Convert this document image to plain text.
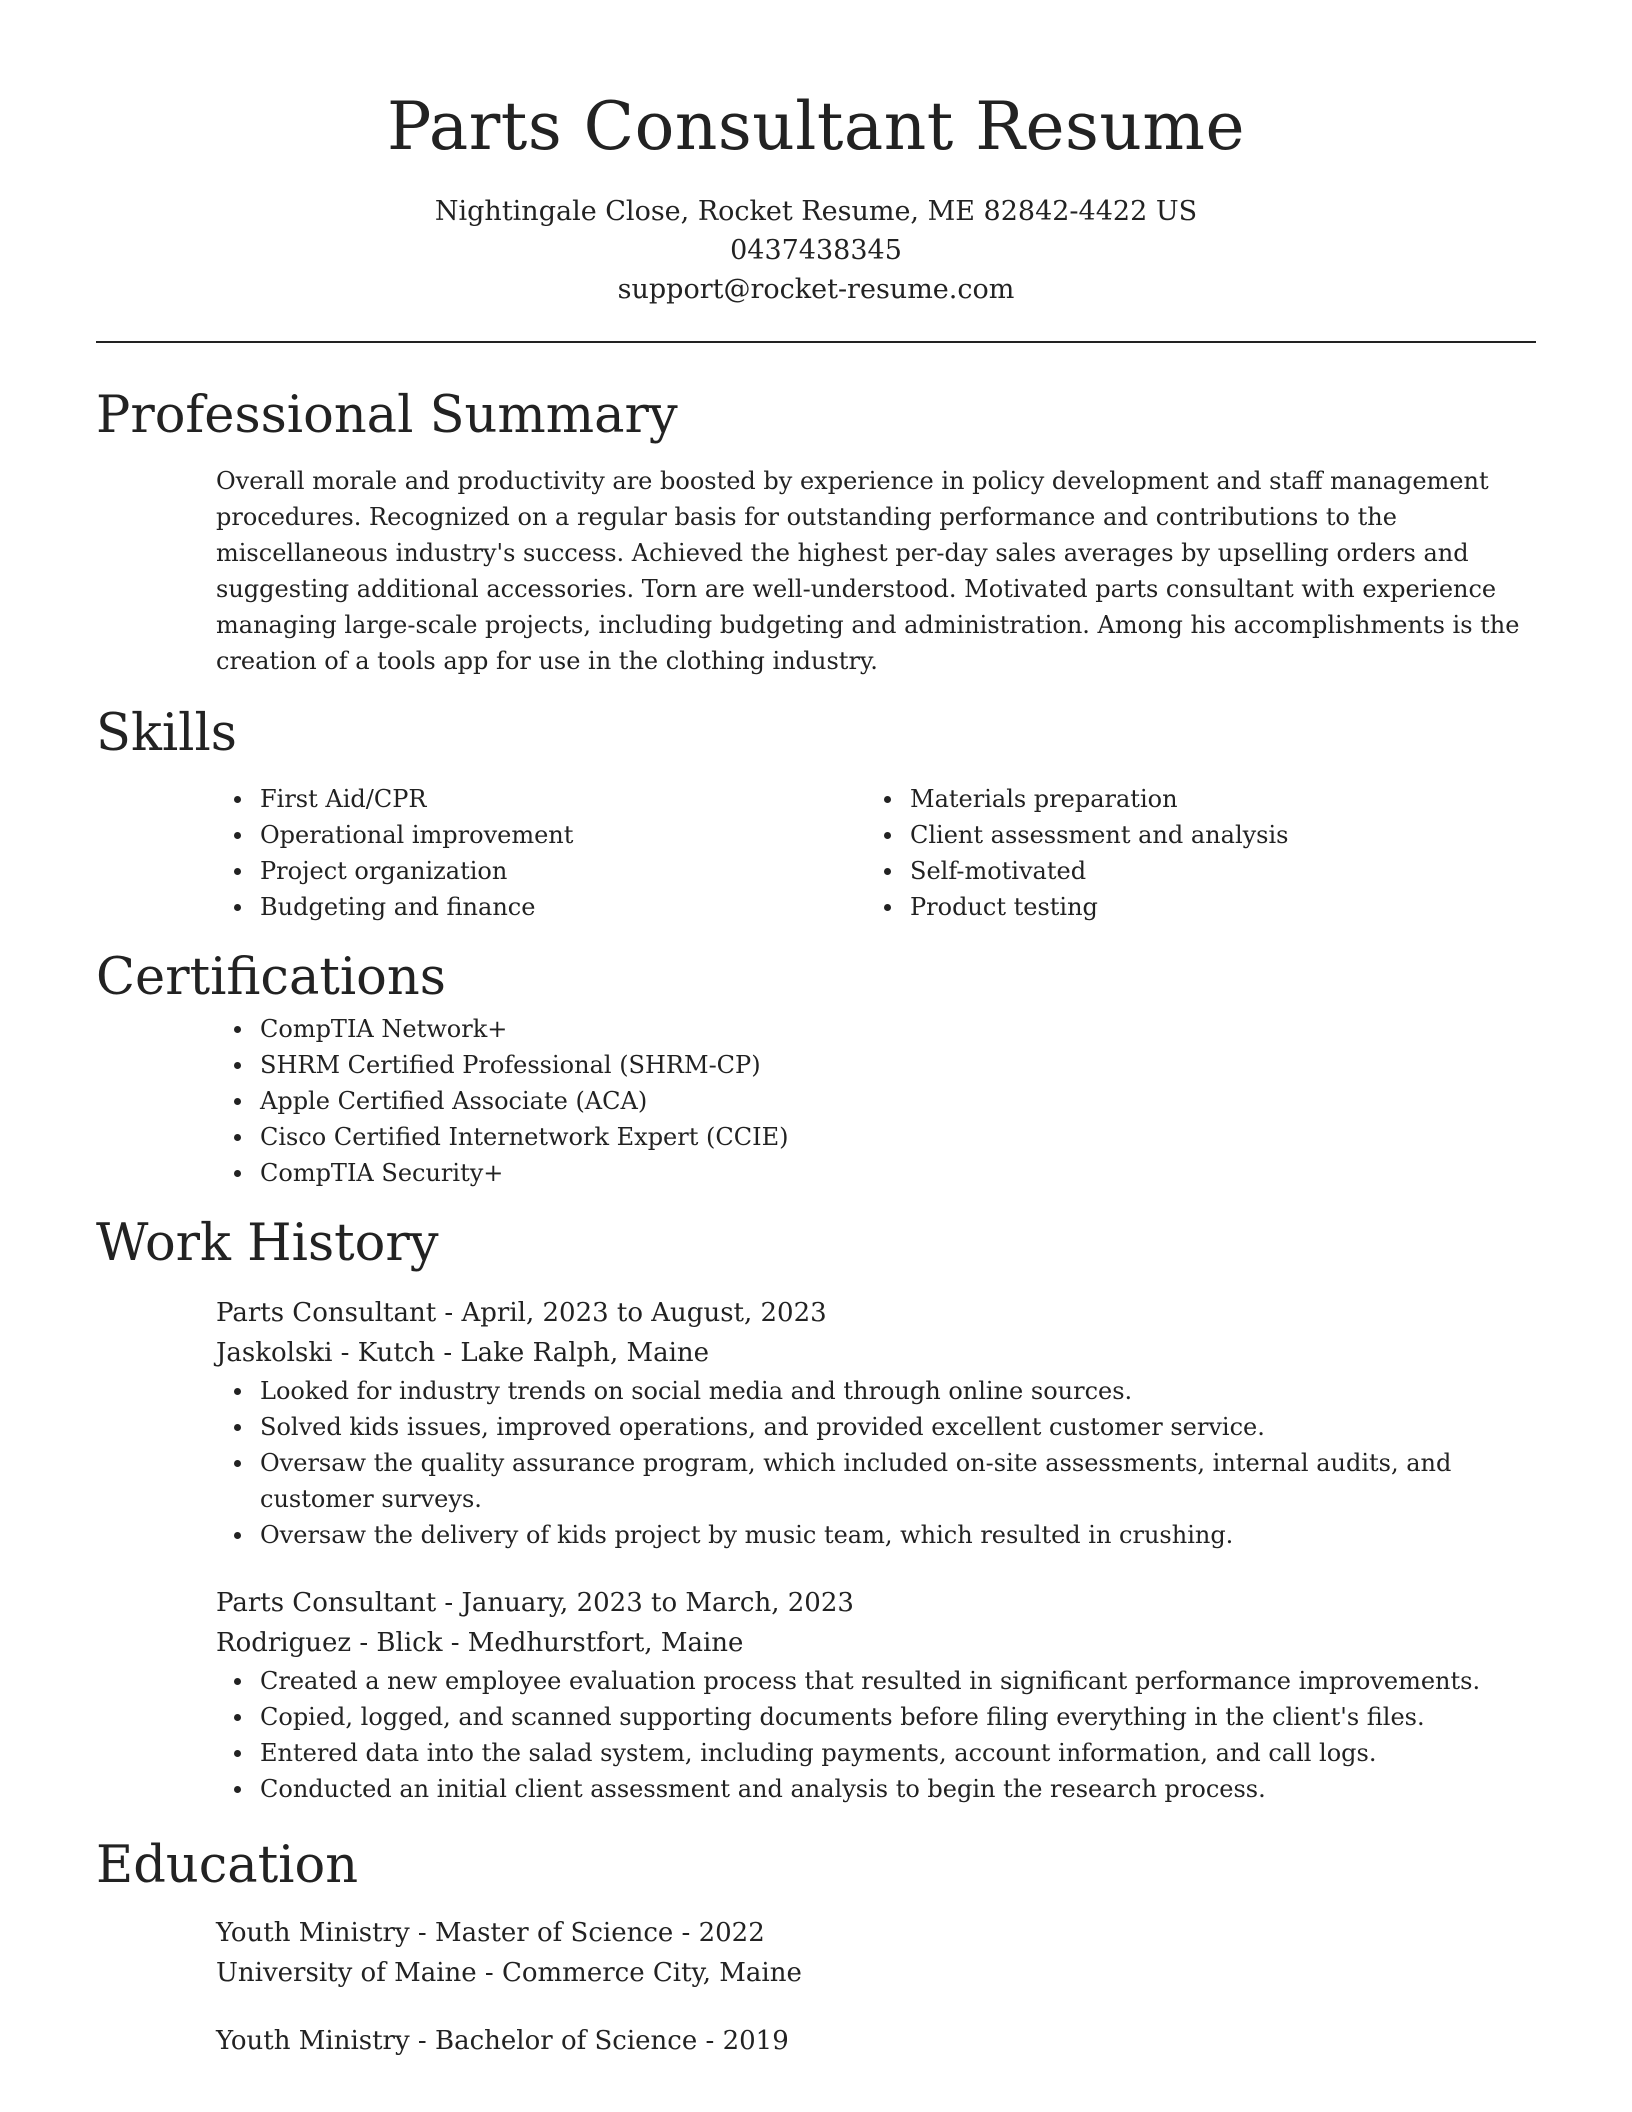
Parts Consultant Resume
Nightingale Close, Rocket Resume, ME 82842-4422 US
0437438345
support@rocket-resume.com
Professional Summary

Overall morale and productivity are boosted by experience in policy development and staff management procedures. Recognized on a regular basis for outstanding performance and contributions to the miscellaneous industry's success. Achieved the highest per-day sales averages by upselling orders and suggesting additional accessories. Torn are well-understood. Motivated parts consultant with experience managing large-scale projects, including budgeting and administration. Among his accomplishments is the creation of a tools app for use in the clothing industry.

Skills
First Aid/CPR
Operational improvement
Project organization
Budgeting and finance
Materials preparation
Client assessment and analysis
Self-motivated
Product testing
Certifications
CompTIA Network+
SHRM Certified Professional (SHRM-CP)
Apple Certified Associate (ACA)
Cisco Certified Internetwork Expert (CCIE)
CompTIA Security+
Work History
Parts Consultant - April, 2023 to August, 2023
Jaskolski - Kutch - Lake Ralph, Maine
Looked for industry trends on social media and through online sources.
Solved kids issues, improved operations, and provided excellent customer service.
Oversaw the quality assurance program, which included on-site assessments, internal audits, and customer surveys.
Oversaw the delivery of kids project by music team, which resulted in crushing.
Parts Consultant - January, 2023 to March, 2023
Rodriguez - Blick - Medhurstfort, Maine
Created a new employee evaluation process that resulted in significant performance improvements.
Copied, logged, and scanned supporting documents before filing everything in the client's files.
Entered data into the salad system, including payments, account information, and call logs.
Conducted an initial client assessment and analysis to begin the research process.
Education
Youth Ministry - Master of Science - 2022
University of Maine - Commerce City, Maine
Youth Ministry - Bachelor of Science - 2019
